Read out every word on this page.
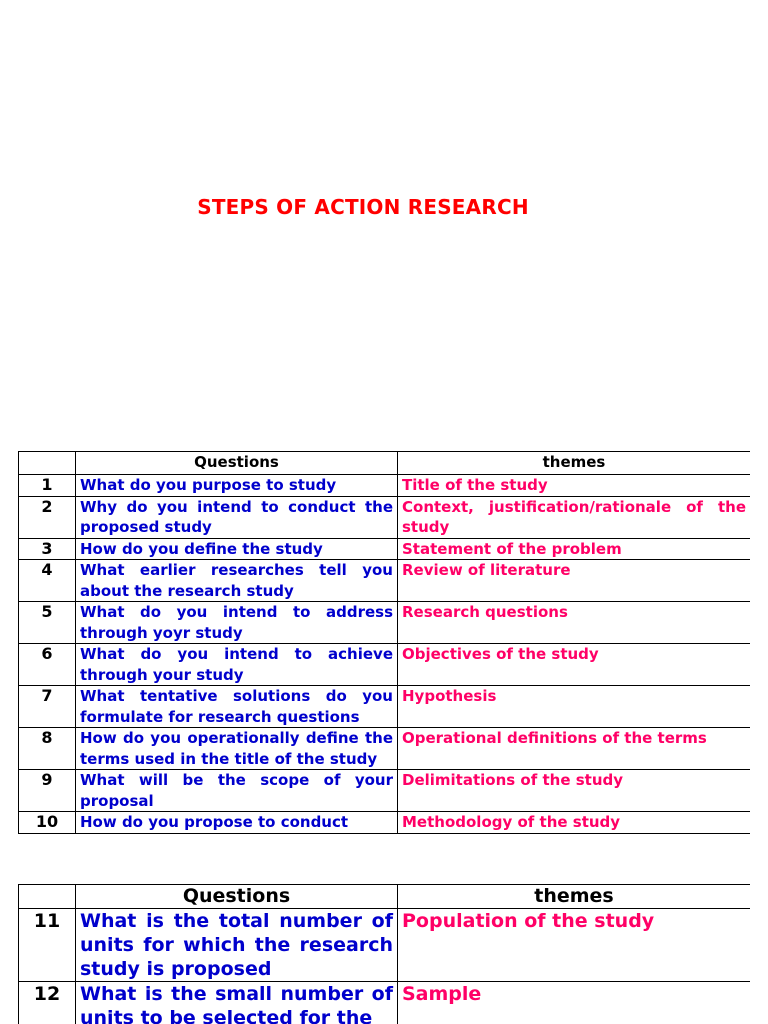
STEPS OF ACTION RESEARCH
	Questions	themes
1	What do you purpose to study	Title of the study
2	Why do you intend to conduct the proposed study	Context, justification/rationale of the study
3	How do you define the study	Statement of the problem
4	What earlier researches tell you about the research study	Review of literature
5	What do you intend to address through yoyr study	Research questions
6	What do you intend to achieve through your study	Objectives of the study
7	What tentative solutions do you formulate for research questions	Hypothesis
8	How do you operationally define the terms used in the title of the study	Operational definitions of the terms
9	What will be the scope of your proposal	Delimitations of the study
10	How do you propose to conduct	Methodology of the study
	Questions	themes
11	What is the total number of units for which the research study is proposed	Population of the study
12	What is the small number of units to be selected for the	Sample
